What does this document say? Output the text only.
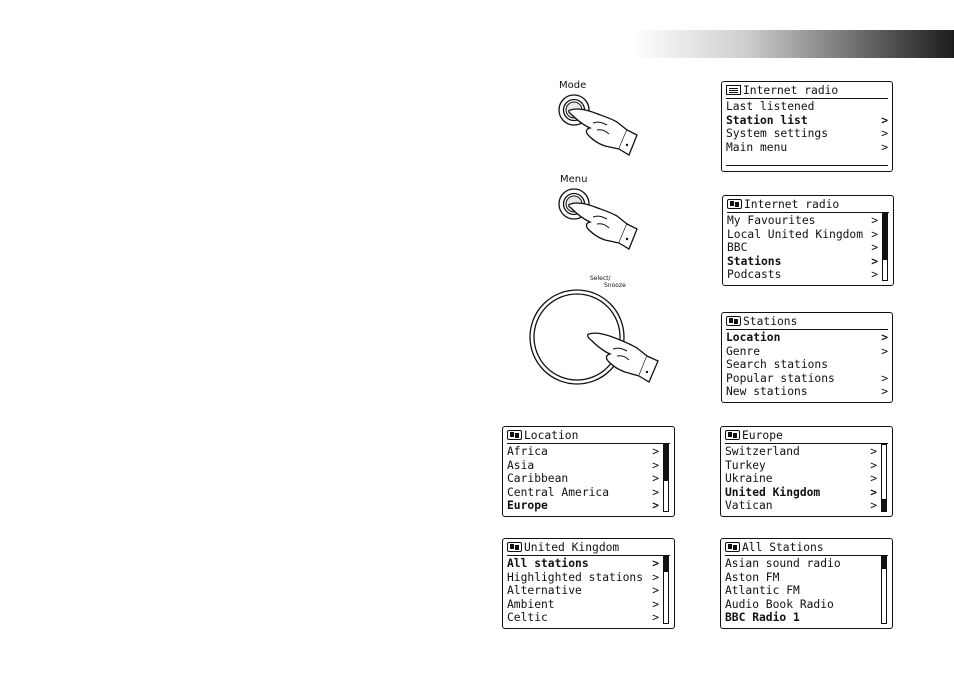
Mode
Menu
Select/
Snooze
Internet radio
Last listened
Station list	>
System settings	>
Main menu	>
Internet radio
My Favourites	>
Local United Kingdom >
BBC	>
Stations	>
Podcasts	>
Stations
Location	>
Genre	>
Search stations
Popular stations	>
New stations	>
Location
Africa	>
Asia	>
Caribbean	>
Central America	>
Europe	>
Europe
Switzerland	>
Turkey	>
Ukraine	>
United Kingdom	>
Vatican	>
United Kingdom
All stations	>
Highlighted stations >
Alternative	>
Ambient	>
Celtic	>
All Stations
Asian sound radio
Aston FM
Atlantic FM
Audio Book Radio
BBC Radio 1
